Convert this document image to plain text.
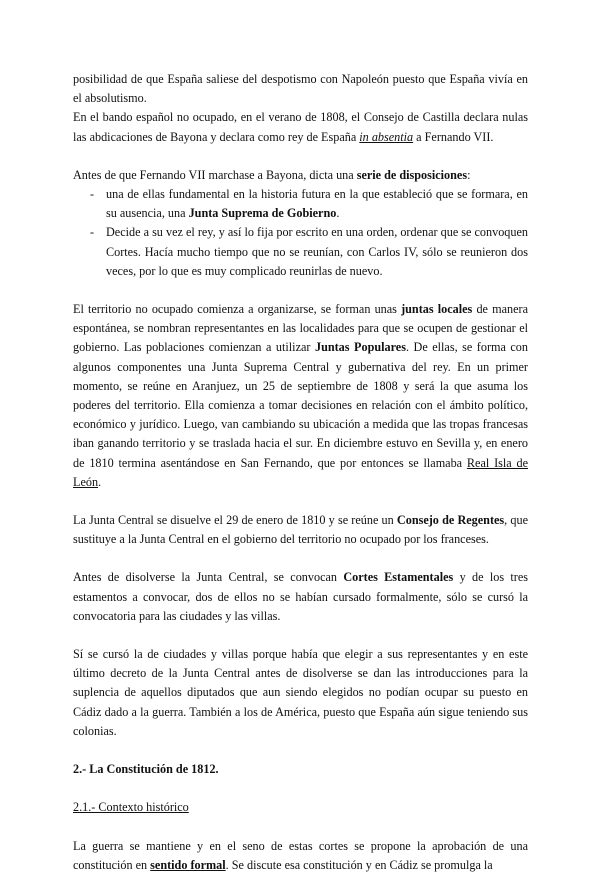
posibilidad de que España saliese del despotismo con Napoleón puesto que España vivía en el absolutismo.

En el bando español no ocupado, en el verano de 1808, el Consejo de Castilla declara nulas las abdicaciones de Bayona y declara como rey de España in absentia a Fernando VII.

Antes de que Fernando VII marchase a Bayona, dicta una serie de disposiciones:

- una de ellas fundamental en la historia futura en la que estableció que se formara, en su ausencia, una Junta Suprema de Gobierno.
- Decide a su vez el rey, y así lo fija por escrito en una orden, ordenar que se convoquen Cortes. Hacía mucho tiempo que no se reunían, con Carlos IV, sólo se reunieron dos veces, por lo que es muy complicado reunirlas de nuevo.

El territorio no ocupado comienza a organizarse, se forman unas juntas locales de manera espontánea, se nombran representantes en las localidades para que se ocupen de gestionar el gobierno. Las poblaciones comienzan a utilizar Juntas Populares. De ellas, se forma con algunos componentes una Junta Suprema Central y gubernativa del rey. En un primer momento, se reúne en Aranjuez, un 25 de septiembre de 1808 y será la que asuma los poderes del territorio. Ella comienza a tomar decisiones en relación con el ámbito político, económico y jurídico. Luego, van cambiando su ubicación a medida que las tropas francesas iban ganando territorio y se traslada hacia el sur. En diciembre estuvo en Sevilla y, en enero de 1810 termina asentándose en San Fernando, que por entonces se llamaba Real Isla de León.

La Junta Central se disuelve el 29 de enero de 1810 y se reúne un Consejo de Regentes, que sustituye a la Junta Central en el gobierno del territorio no ocupado por los franceses.

Antes de disolverse la Junta Central, se convocan Cortes Estamentales y de los tres estamentos a convocar, dos de ellos no se habían cursado formalmente, sólo se cursó la convocatoria para las ciudades y las villas.

Sí se cursó la de ciudades y villas porque había que elegir a sus representantes y en este último decreto de la Junta Central antes de disolverse se dan las introducciones para la suplencia de aquellos diputados que aun siendo elegidos no podían ocupar su puesto en Cádiz dado a la guerra. También a los de América, puesto que España aún sigue teniendo sus colonias.

2.- La Constitución de 1812.

2.1.- Contexto histórico

La guerra se mantiene y en el seno de estas cortes se propone la aprobación de una constitución en sentido formal. Se discute esa constitución y en Cádiz se promulga la
